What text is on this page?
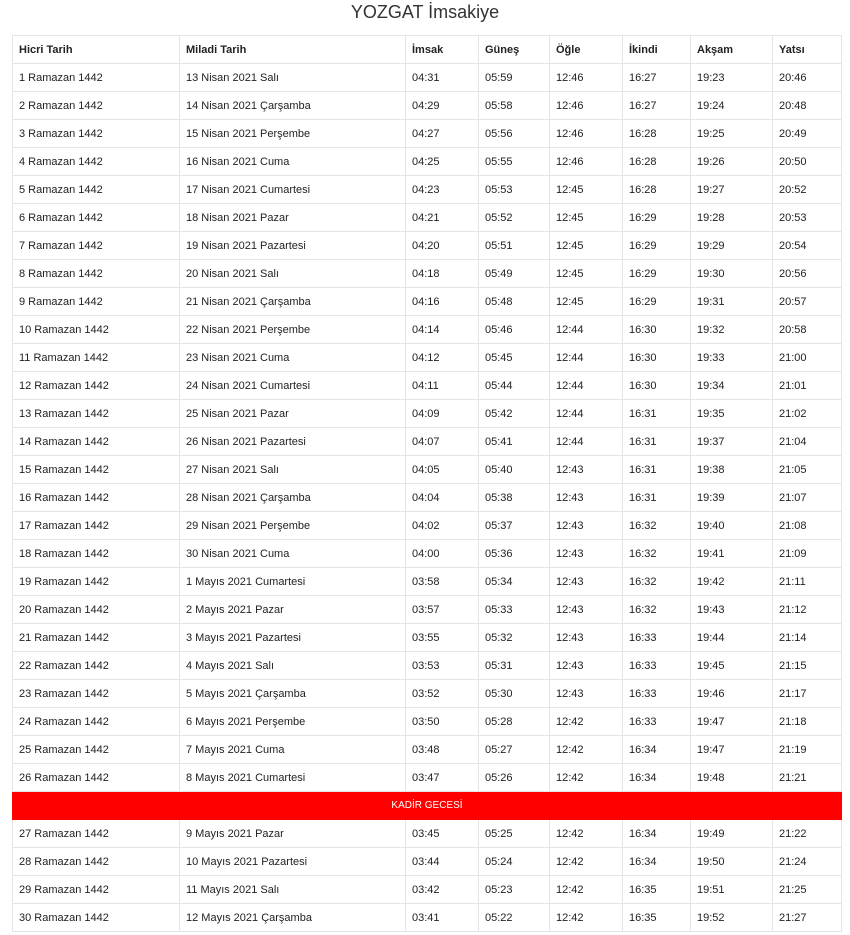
YOZGAT İmsakiye
Hicri Tarih	Miladi Tarih	İmsak	Güneş	Öğle	İkindi	Akşam	Yatsı
1 Ramazan 1442	13 Nisan 2021 Salı	04:31	05:59	12:46	16:27	19:23	20:46
2 Ramazan 1442	14 Nisan 2021 Çarşamba	04:29	05:58	12:46	16:27	19:24	20:48
3 Ramazan 1442	15 Nisan 2021 Perşembe	04:27	05:56	12:46	16:28	19:25	20:49
4 Ramazan 1442	16 Nisan 2021 Cuma	04:25	05:55	12:46	16:28	19:26	20:50
5 Ramazan 1442	17 Nisan 2021 Cumartesi	04:23	05:53	12:45	16:28	19:27	20:52
6 Ramazan 1442	18 Nisan 2021 Pazar	04:21	05:52	12:45	16:29	19:28	20:53
7 Ramazan 1442	19 Nisan 2021 Pazartesi	04:20	05:51	12:45	16:29	19:29	20:54
8 Ramazan 1442	20 Nisan 2021 Salı	04:18	05:49	12:45	16:29	19:30	20:56
9 Ramazan 1442	21 Nisan 2021 Çarşamba	04:16	05:48	12:45	16:29	19:31	20:57
10 Ramazan 1442	22 Nisan 2021 Perşembe	04:14	05:46	12:44	16:30	19:32	20:58
11 Ramazan 1442	23 Nisan 2021 Cuma	04:12	05:45	12:44	16:30	19:33	21:00
12 Ramazan 1442	24 Nisan 2021 Cumartesi	04:11	05:44	12:44	16:30	19:34	21:01
13 Ramazan 1442	25 Nisan 2021 Pazar	04:09	05:42	12:44	16:31	19:35	21:02
14 Ramazan 1442	26 Nisan 2021 Pazartesi	04:07	05:41	12:44	16:31	19:37	21:04
15 Ramazan 1442	27 Nisan 2021 Salı	04:05	05:40	12:43	16:31	19:38	21:05
16 Ramazan 1442	28 Nisan 2021 Çarşamba	04:04	05:38	12:43	16:31	19:39	21:07
17 Ramazan 1442	29 Nisan 2021 Perşembe	04:02	05:37	12:43	16:32	19:40	21:08
18 Ramazan 1442	30 Nisan 2021 Cuma	04:00	05:36	12:43	16:32	19:41	21:09
19 Ramazan 1442	1 Mayıs 2021 Cumartesi	03:58	05:34	12:43	16:32	19:42	21:11
20 Ramazan 1442	2 Mayıs 2021 Pazar	03:57	05:33	12:43	16:32	19:43	21:12
21 Ramazan 1442	3 Mayıs 2021 Pazartesi	03:55	05:32	12:43	16:33	19:44	21:14
22 Ramazan 1442	4 Mayıs 2021 Salı	03:53	05:31	12:43	16:33	19:45	21:15
23 Ramazan 1442	5 Mayıs 2021 Çarşamba	03:52	05:30	12:43	16:33	19:46	21:17
24 Ramazan 1442	6 Mayıs 2021 Perşembe	03:50	05:28	12:42	16:33	19:47	21:18
25 Ramazan 1442	7 Mayıs 2021 Cuma	03:48	05:27	12:42	16:34	19:47	21:19
26 Ramazan 1442	8 Mayıs 2021 Cumartesi	03:47	05:26	12:42	16:34	19:48	21:21
KADİR GECESİ							
27 Ramazan 1442	9 Mayıs 2021 Pazar	03:45	05:25	12:42	16:34	19:49	21:22
28 Ramazan 1442	10 Mayıs 2021 Pazartesi	03:44	05:24	12:42	16:34	19:50	21:24
29 Ramazan 1442	11 Mayıs 2021 Salı	03:42	05:23	12:42	16:35	19:51	21:25
30 Ramazan 1442	12 Mayıs 2021 Çarşamba	03:41	05:22	12:42	16:35	19:52	21:27
